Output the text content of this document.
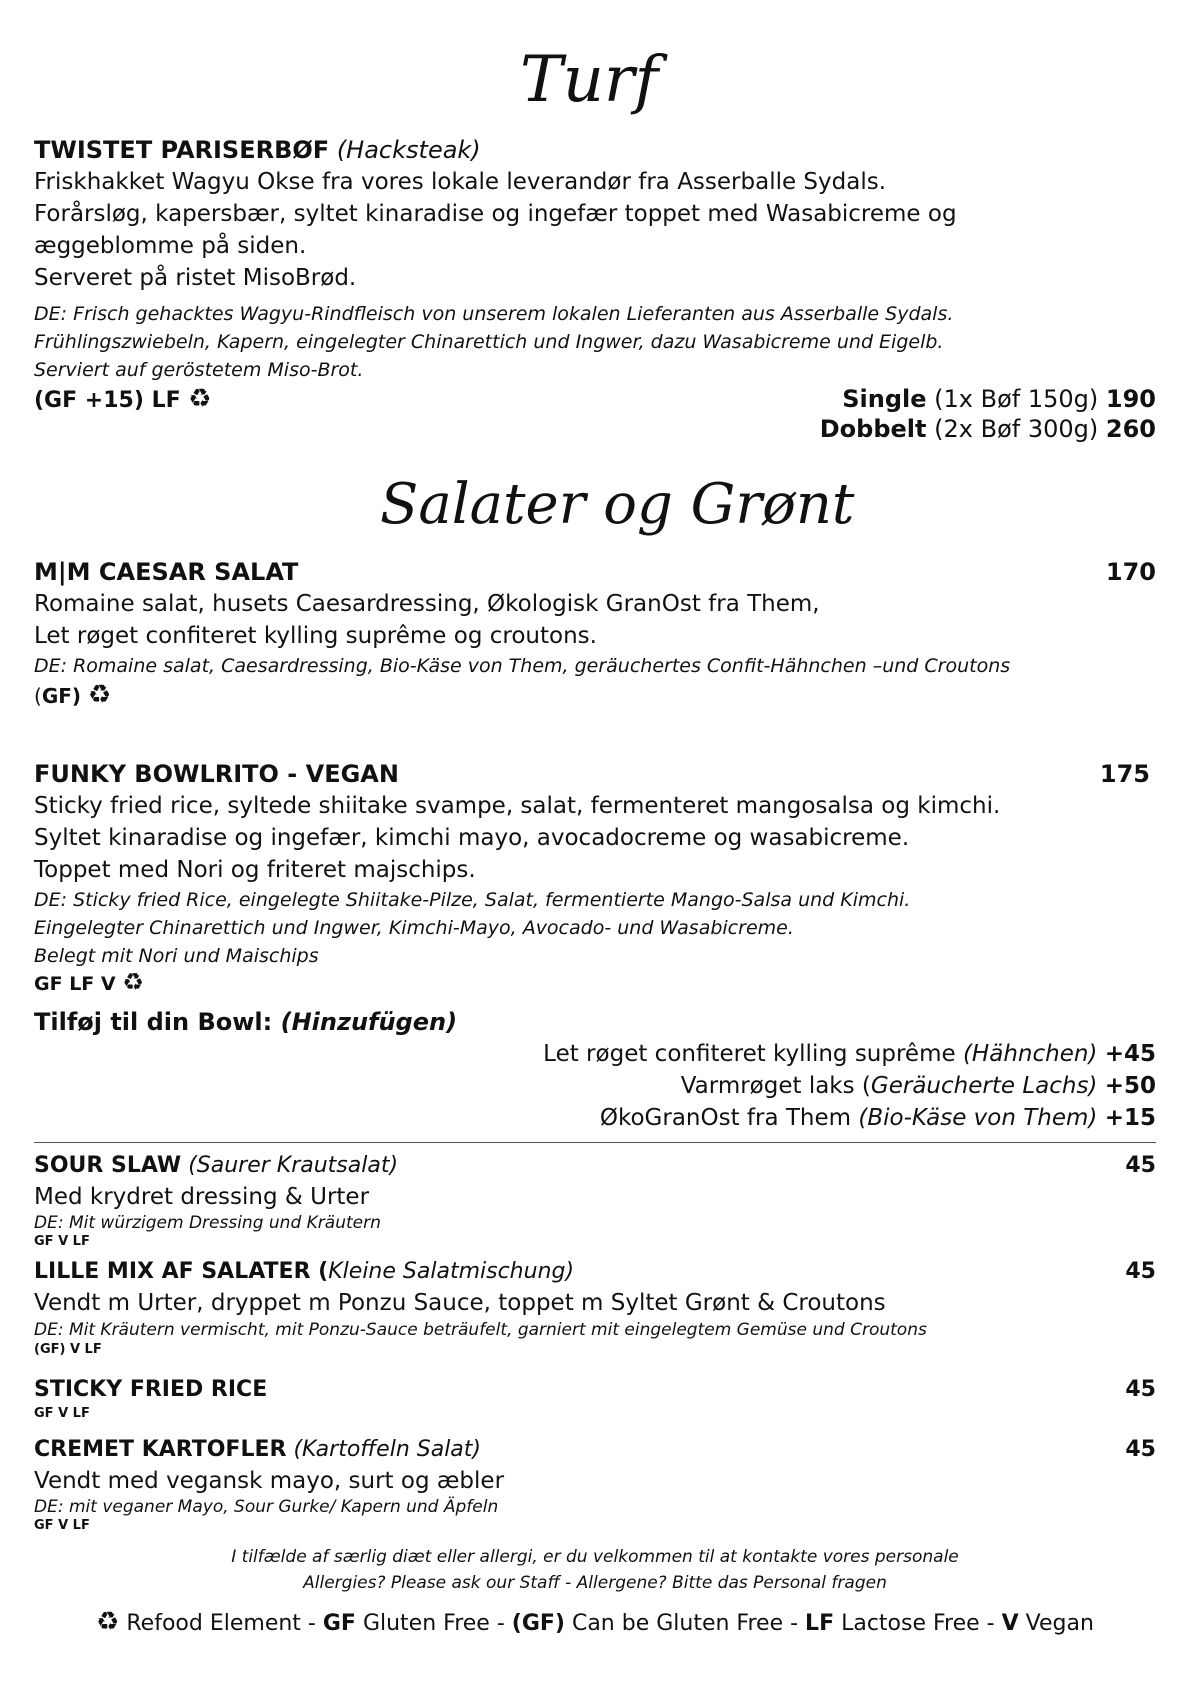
Turf
TWISTET PARISERBØF (Hacksteak)
Friskhakket Wagyu Okse fra vores lokale leverandør fra Asserballe Sydals.
Forårsløg, kapersbær, syltet kinaradise og ingefær toppet med Wasabicreme og
æggeblomme på siden.
Serveret på ristet MisoBrød.
DE: Frisch gehacktes Wagyu-Rindfleisch von unserem lokalen Lieferanten aus Asserballe Sydals.
Frühlingszwiebeln, Kapern, eingelegter Chinarettich und Ingwer, dazu Wasabicreme und Eigelb.
Serviert auf geröstetem Miso-Brot.
(GF +15) LF ♻	Single (1x Bøf 150g) 190
Dobbelt (2x Bøf 300g) 260
Salater og Grønt
M|M CAESAR SALAT	170
Romaine salat, husets Caesardressing, Økologisk GranOst fra Them,
Let røget confiteret kylling suprême og croutons.
DE: Romaine salat, Caesardressing, Bio-Käse von Them, geräuchertes Confit-Hähnchen –und Croutons
(GF) ♻
FUNKY BOWLRITO - VEGAN	175
Sticky fried rice, syltede shiitake svampe, salat, fermenteret mangosalsa og kimchi.
Syltet kinaradise og ingefær, kimchi mayo, avocadocreme og wasabicreme.
Toppet med Nori og friteret majschips.
DE: Sticky fried Rice, eingelegte Shiitake-Pilze, Salat, fermentierte Mango-Salsa und Kimchi.
Eingelegter Chinarettich und Ingwer, Kimchi-Mayo, Avocado- und Wasabicreme.
Belegt mit Nori und Maischips
GF LF V ♻
Tilføj til din Bowl: (Hinzufügen)
Let røget confiteret kylling suprême (Hähnchen) +45
Varmrøget laks (Geräucherte Lachs) +50
ØkoGranOst fra Them (Bio-Käse von Them) +15
SOUR SLAW (Saurer Krautsalat)	45
Med krydret dressing & Urter
DE: Mit würzigem Dressing und Kräutern
GF V LF
LILLE MIX AF SALATER (Kleine Salatmischung)	45
Vendt m Urter, dryppet m Ponzu Sauce, toppet m Syltet Grønt & Croutons
DE: Mit Kräutern vermischt, mit Ponzu-Sauce beträufelt, garniert mit eingelegtem Gemüse und Croutons
(GF) V LF
STICKY FRIED RICE	45
GF V LF
CREMET KARTOFLER (Kartoffeln Salat)	45
Vendt med vegansk mayo, surt og æbler
DE: mit veganer Mayo, Sour Gurke/ Kapern und Äpfeln
GF V LF
I tilfælde af særlig diæt eller allergi, er du velkommen til at kontakte vores personale
Allergies? Please ask our Staff - Allergene? Bitte das Personal fragen
♻ Refood Element - GF Gluten Free - (GF) Can be Gluten Free - LF Lactose Free - V Vegan
